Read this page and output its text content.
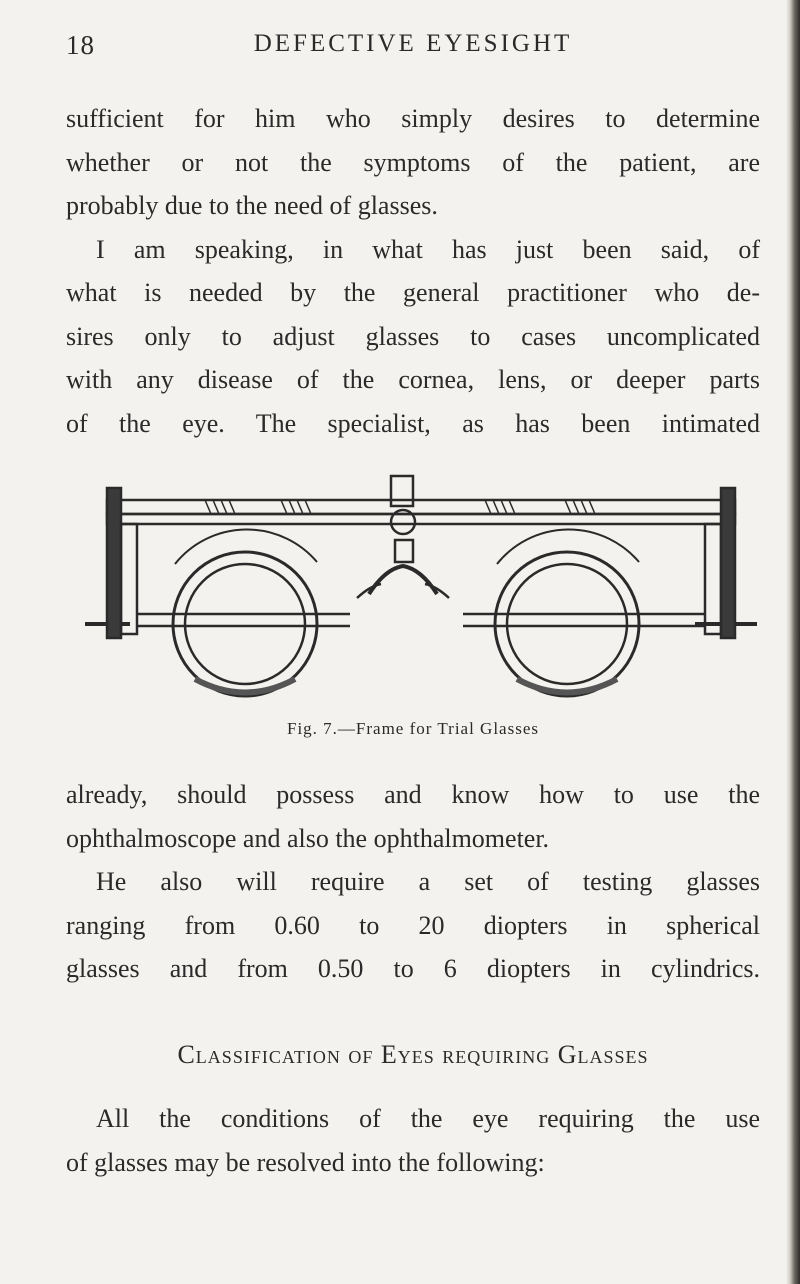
18	DEFECTIVE EYESIGHT
sufficient for him who simply desires to determine
whether or not the symptoms of the patient, are
probably due to the need of glasses.
I am speaking, in what has just been said, of
what is needed by the general practitioner who de-
sires only to adjust glasses to cases uncomplicated
with any disease of the cornea, lens, or deeper parts
of the eye. The specialist, as has been intimated
Fig. 7.—Frame for Trial Glasses
already, should possess and know how to use the
ophthalmoscope and also the ophthalmometer.
He also will require a set of testing glasses
ranging from 0.60 to 20 diopters in spherical
glasses and from 0.50 to 6 diopters in cylindrics.
Classification of Eyes requiring Glasses
All the conditions of the eye requiring the use
of glasses may be resolved into the following:
